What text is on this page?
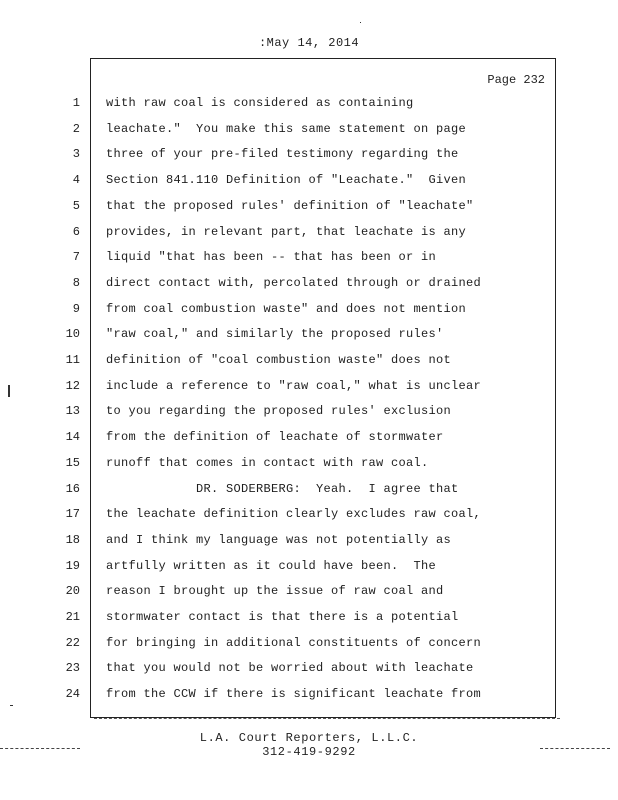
:May 14, 2014
Page 232
1 with raw coal is considered as containing
2 leachate."  You make this same statement on page
3 three of your pre-filed testimony regarding the
4 Section 841.110 Definition of "Leachate."  Given
5 that the proposed rules' definition of "leachate"
6 provides, in relevant part, that leachate is any
7 liquid "that has been -- that has been or in
8 direct contact with, percolated through or drained
9 from coal combustion waste" and does not mention
10 "raw coal," and similarly the proposed rules'
11 definition of "coal combustion waste" does not
12 include a reference to "raw coal," what is unclear
13 to you regarding the proposed rules' exclusion
14 from the definition of leachate of stormwater
15 runoff that comes in contact with raw coal.
16 DR. SODERBERG:  Yeah.  I agree that
17 the leachate definition clearly excludes raw coal,
18 and I think my language was not potentially as
19 artfully written as it could have been.  The
20 reason I brought up the issue of raw coal and
21 stormwater contact is that there is a potential
22 for bringing in additional constituents of concern
23 that you would not be worried about with leachate
24 from the CCW if there is significant leachate from
L.A. Court Reporters, L.L.C.
312-419-9292
